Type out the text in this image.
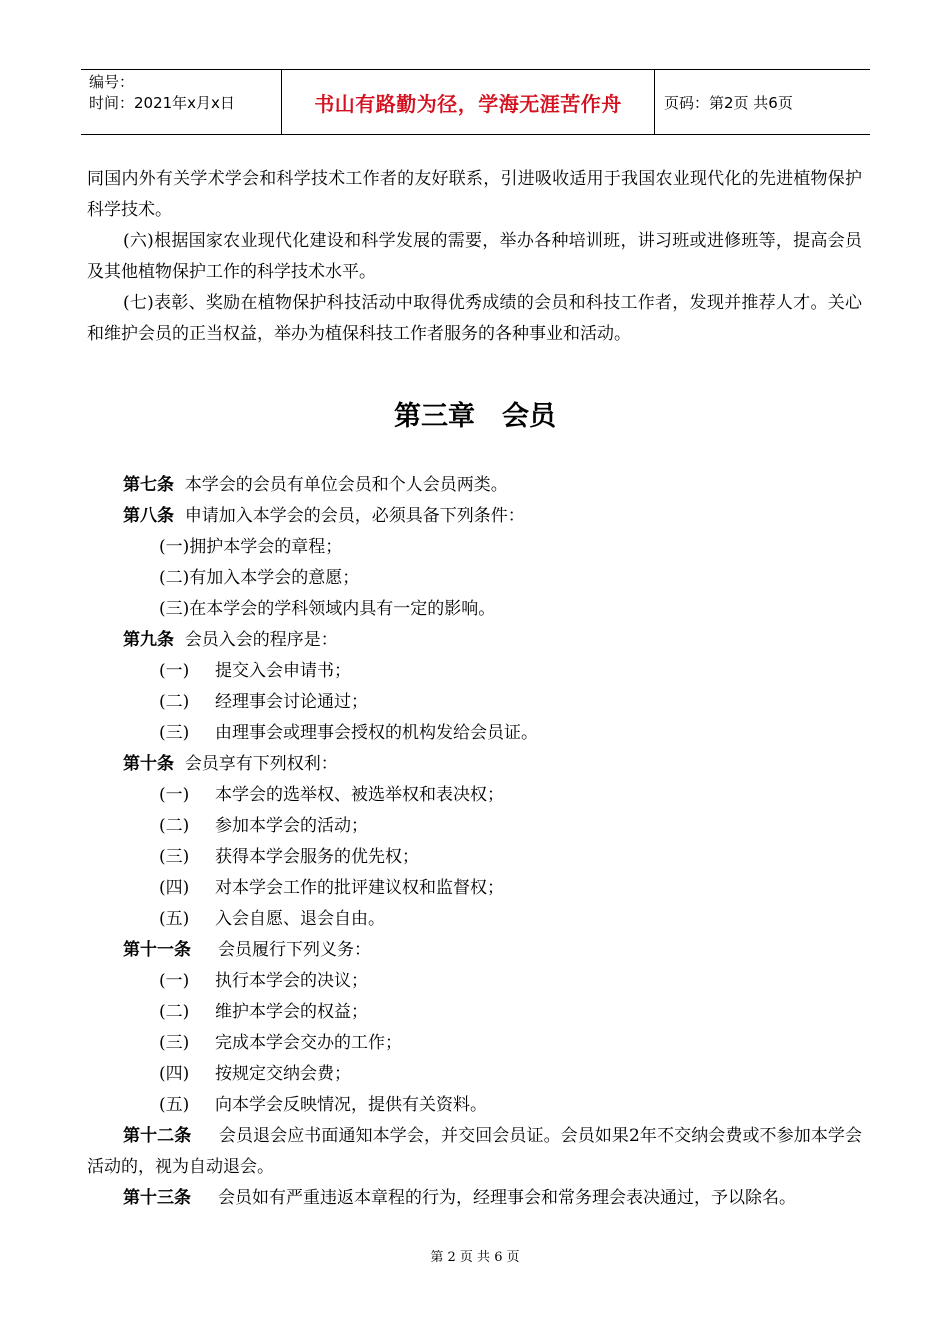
编号：
时间：2021年x月x日	书山有路勤为径，学海无涯苦作舟	页码：第2页 共6页
同国内外有关学术学会和科学技术工作者的友好联系，引进吸收适用于我国农业现代化的先进植物保护科学技术。
(六)根据国家农业现代化建设和科学发展的需要，举办各种培训班，讲习班或进修班等，提高会员及其他植物保护工作的科学技术水平。
(七)表彰、奖励在植物保护科技活动中取得优秀成绩的会员和科技工作者，发现并推荐人才。关心和维护会员的正当权益，举办为植保科技工作者服务的各种事业和活动。
第三章　会员
第七条 本学会的会员有单位会员和个人会员两类。
第八条 申请加入本学会的会员，必须具备下列条件：
(一)拥护本学会的章程；
(二)有加入本学会的意愿；
(三)在本学会的学科领域内具有一定的影响。
第九条 会员入会的程序是：
(一) 提交入会申请书；
(二) 经理事会讨论通过；
(三) 由理事会或理事会授权的机构发给会员证。
第十条 会员享有下列权利：
(一) 本学会的选举权、被选举权和表决权；
(二) 参加本学会的活动；
(三) 获得本学会服务的优先权；
(四) 对本学会工作的批评建议权和监督权；
(五) 入会自愿、退会自由。
第十一条 会员履行下列义务：
(一) 执行本学会的决议；
(二) 维护本学会的权益；
(三) 完成本学会交办的工作；
(四) 按规定交纳会费；
(五) 向本学会反映情况，提供有关资料。
第十二条 会员退会应书面通知本学会，并交回会员证。会员如果2年不交纳会费或不参加本学会活动的，视为自动退会。
第十三条 会员如有严重违返本章程的行为，经理事会和常务理会表决通过，予以除名。
第 2 页 共 6 页
